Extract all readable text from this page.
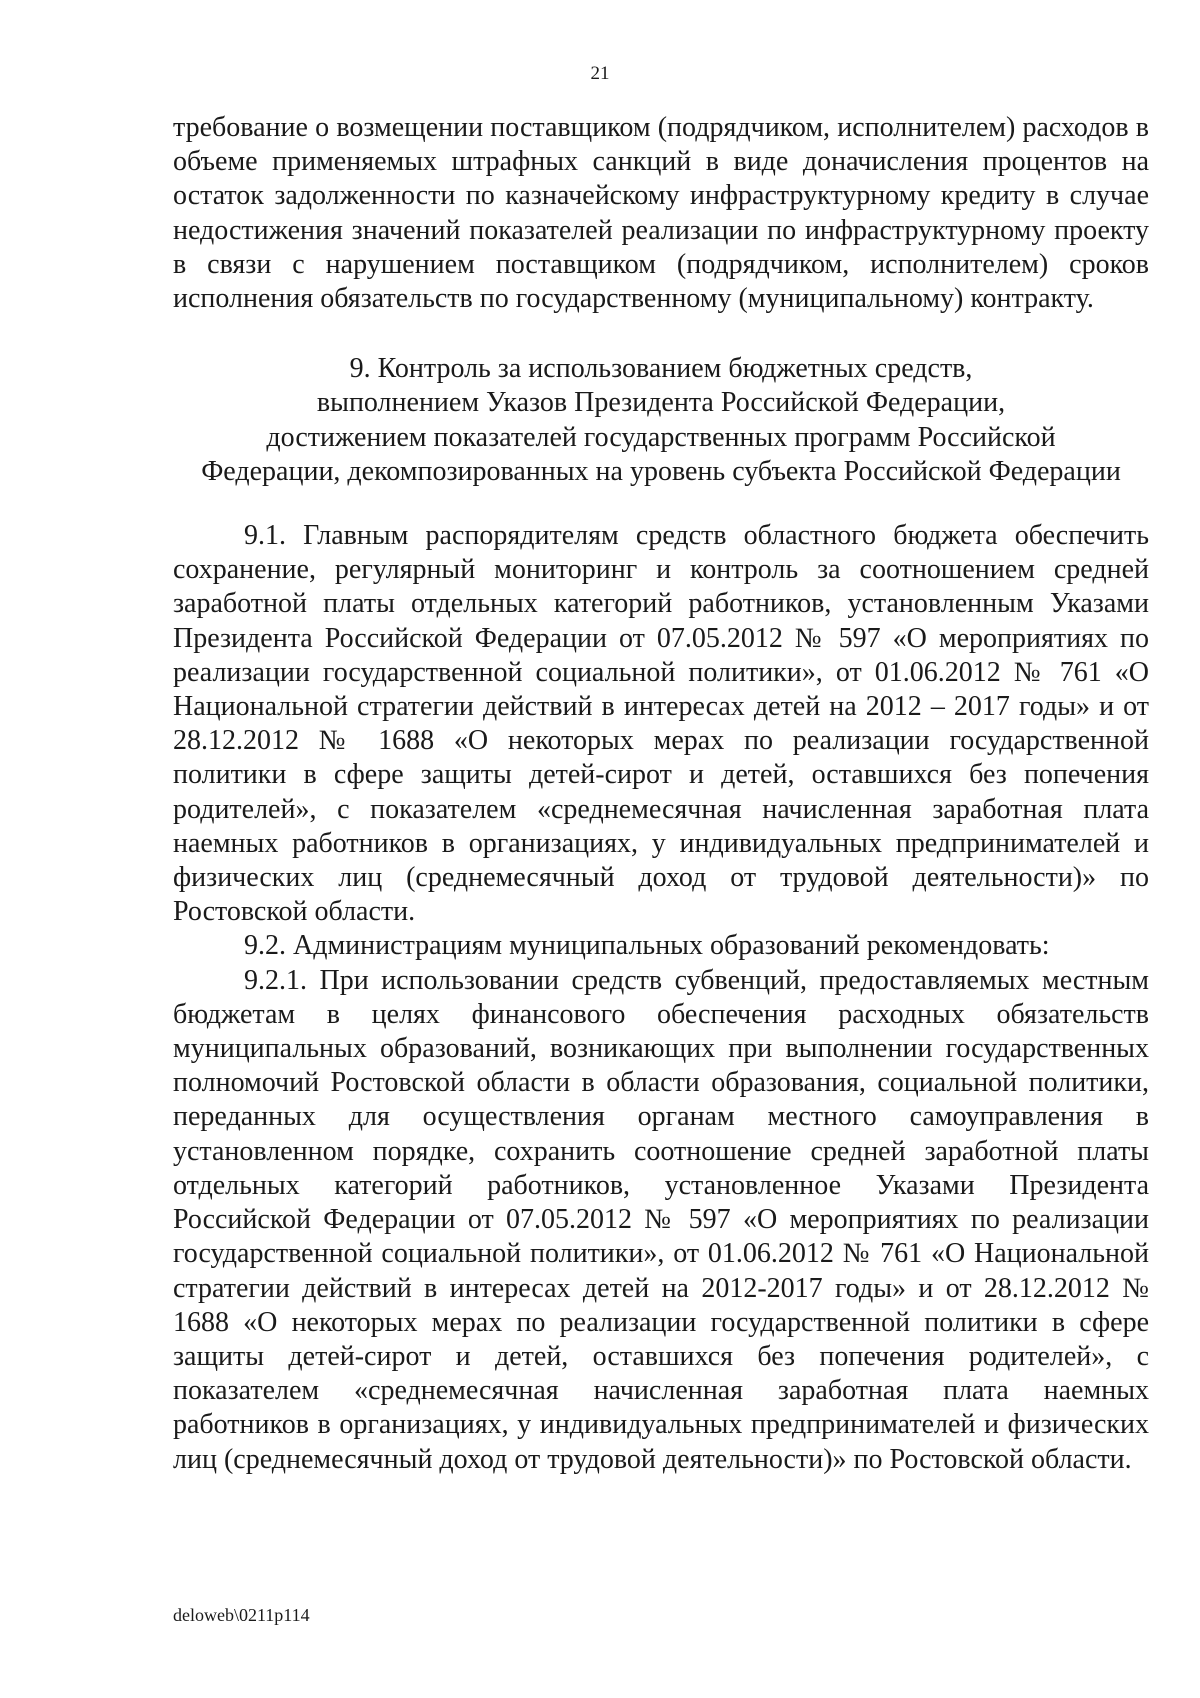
21

требование о возмещении поставщиком (подрядчиком, исполнителем) расходов в объеме применяемых штрафных санкций в виде доначисления процентов на остаток задолженности по казначейскому инфраструктурному кредиту в случае недостижения значений показателей реализации по инфраструктурному проекту в связи с нарушением поставщиком (подрядчиком, исполнителем) сроков исполнения обязательств по государственному (муниципальному) контракту.

9. Контроль за использованием бюджетных средств,
выполнением Указов Президента Российской Федерации,
достижением показателей государственных программ Российской
Федерации, декомпозированных на уровень субъекта Российской Федерации

9.1. Главным распорядителям средств областного бюджета обеспечить сохранение, регулярный мониторинг и контроль за соотношением средней заработной платы отдельных категорий работников, установленным Указами Президента Российской Федерации от 07.05.2012 № 597 «О мероприятиях по реализации государственной социальной политики», от 01.06.2012 № 761 «О Национальной стратегии действий в интересах детей на 2012 – 2017 годы» и от 28.12.2012 № 1688 «О некоторых мерах по реализации государственной политики в сфере защиты детей-сирот и детей, оставшихся без попечения родителей», с показателем «среднемесячная начисленная заработная плата наемных работников в организациях, у индивидуальных предпринимателей и физических лиц (среднемесячный доход от трудовой деятельности)» по Ростовской области.

9.2. Администрациям муниципальных образований рекомендовать:

9.2.1. При использовании средств субвенций, предоставляемых местным бюджетам в целях финансового обеспечения расходных обязательств муниципальных образований, возникающих при выполнении государственных полномочий Ростовской области в области образования, социальной политики, переданных для осуществления органам местного самоуправления в установленном порядке, сохранить соотношение средней заработной платы отдельных категорий работников, установленное Указами Президента Российской Федерации от 07.05.2012 № 597 «О мероприятиях по реализации государственной социальной политики», от 01.06.2012 № 761 «О Национальной стратегии действий в интересах детей на 2012-2017 годы» и от 28.12.2012 № 1688 «О некоторых мерах по реализации государственной политики в сфере защиты детей-сирот и детей, оставшихся без попечения родителей», с показателем «среднемесячная начисленная заработная плата наемных работников в организациях, у индивидуальных предпринимателей и физических лиц (среднемесячный доход от трудовой деятельности)» по Ростовской области.

deloweb\0211p114
